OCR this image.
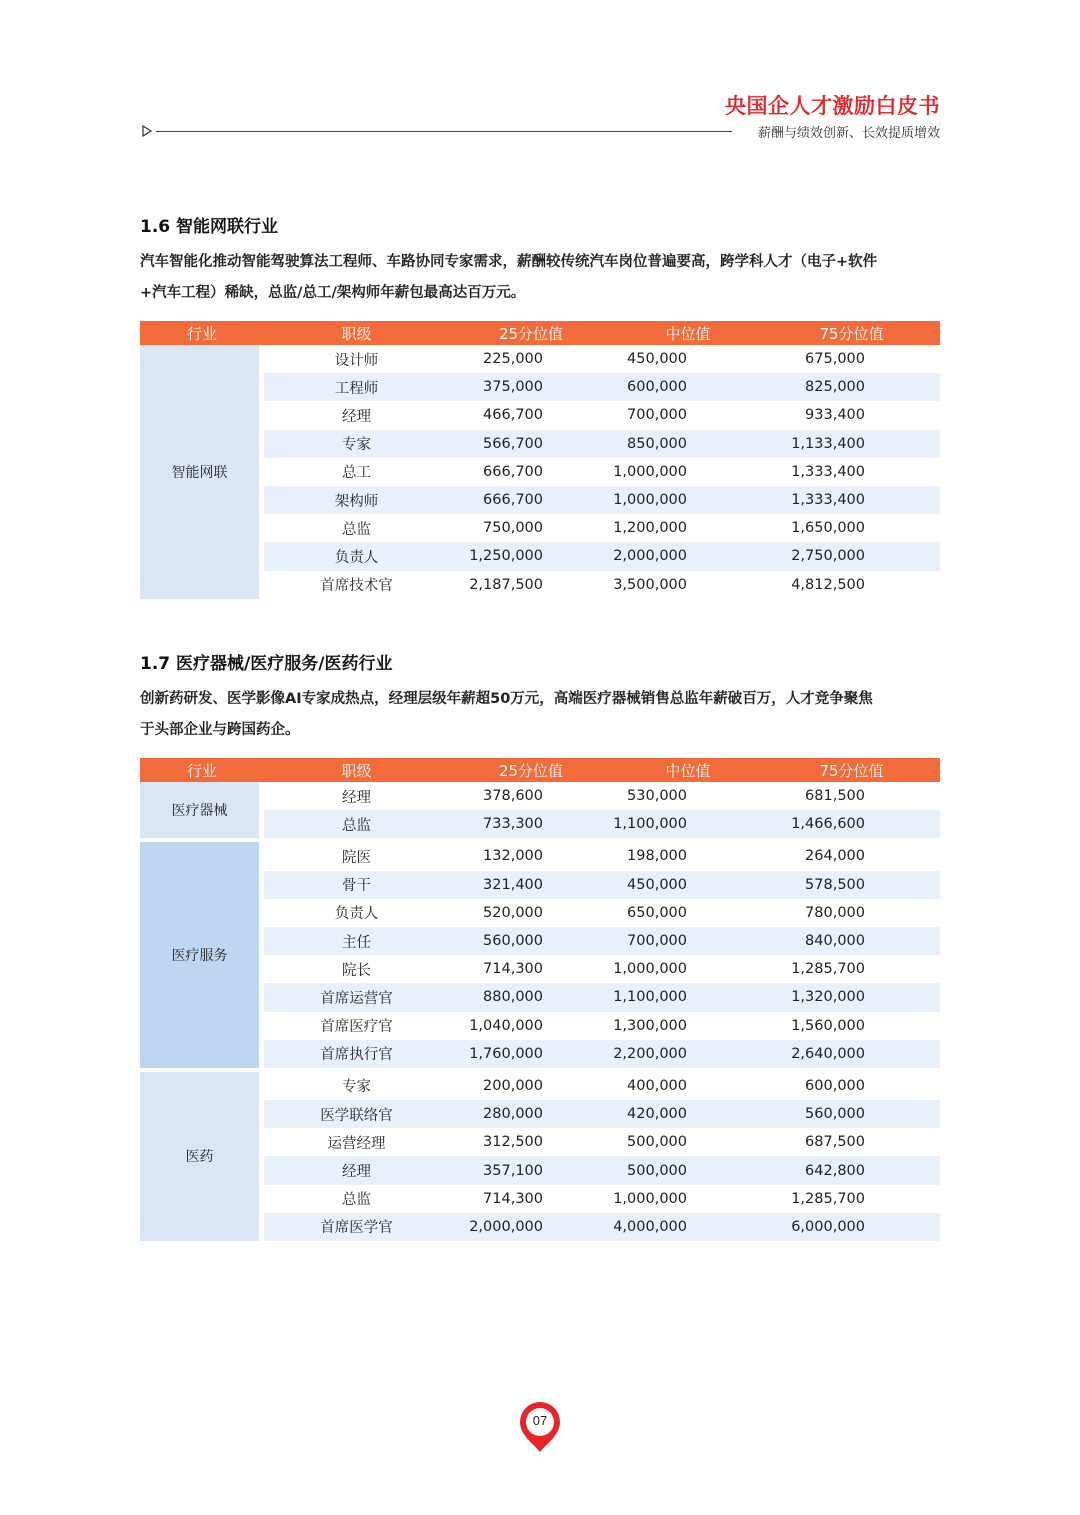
央国企人才激励白皮书
薪酬与绩效创新、长效提质增效
1.6 智能网联行业

汽车智能化推动智能驾驶算法工程师、车路协同专家需求，薪酬较传统汽车岗位普遍要高，跨学科人才（电子+软件
+汽车工程）稀缺，总监/总工/架构师年薪包最高达百万元。

行业	职级	25分位值	中位值	75分位值
智能网联	设计师	225,000	450,000	675,000
	工程师	375,000	600,000	825,000
	经理	466,700	700,000	933,400
	专家	566,700	850,000	1,133,400
	总工	666,700	1,000,000	1,333,400
	架构师	666,700	1,000,000	1,333,400
	总监	750,000	1,200,000	1,650,000
	负责人	1,250,000	2,000,000	2,750,000
	首席技术官	2,187,500	3,500,000	4,812,500
1.7 医疗器械/医疗服务/医药行业

创新药研发、医学影像AI专家成热点，经理层级年薪超50万元，高端医疗器械销售总监年薪破百万，人才竞争聚焦
于头部企业与跨国药企。

行业	职级	25分位值	中位值	75分位值
医疗器械	经理	378,600	530,000	681,500
	总监	733,300	1,100,000	1,466,600
医疗服务	院医	132,000	198,000	264,000
	骨干	321,400	450,000	578,500
	负责人	520,000	650,000	780,000
	主任	560,000	700,000	840,000
	院长	714,300	1,000,000	1,285,700
	首席运营官	880,000	1,100,000	1,320,000
	首席医疗官	1,040,000	1,300,000	1,560,000
	首席执行官	1,760,000	2,200,000	2,640,000
医药	专家	200,000	400,000	600,000
	医学联络官	280,000	420,000	560,000
	运营经理	312,500	500,000	687,500
	经理	357,100	500,000	642,800
	总监	714,300	1,000,000	1,285,700
	首席医学官	2,000,000	4,000,000	6,000,000
07
